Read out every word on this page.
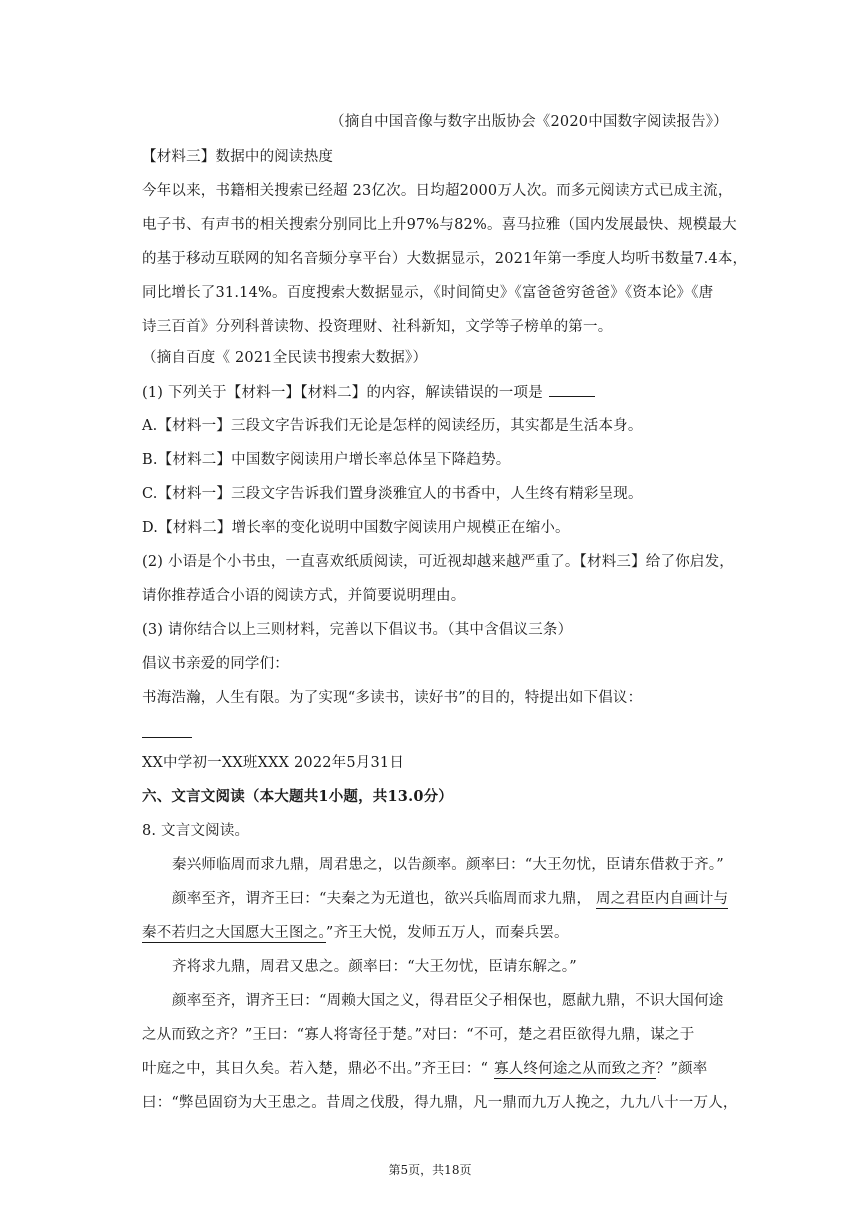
（摘自中国音像与数字出版协会《2020中国数字阅读报告》）
【材料三】数据中的阅读热度
今年以来，书籍相关搜索已经超 23亿次。日均超2000万人次。而多元阅读方式已成主流，
电子书、有声书的相关搜索分别同比上升97%与82%。喜马拉雅（国内发展最快、规模最大
的基于移动互联网的知名音频分享平台）大数据显示，2021年第一季度人均听书数量7.4本，
同比增长了31.14%。百度搜索大数据显示，《时间简史》《富爸爸穷爸爸》《资本论》《唐
诗三百首》分列科普读物、投资理财、社科新知，文学等子榜单的第一。
（摘自百度《 2021全民读书搜索大数据》）
(1) 下列关于【材料一】【材料二】的内容，解读错误的一项是
A.【材料一】三段文字告诉我们无论是怎样的阅读经历，其实都是生活本身。
B.【材料二】中国数字阅读用户增长率总体呈下降趋势。
C.【材料一】三段文字告诉我们置身淡雅宜人的书香中，人生终有精彩呈现。
D.【材料二】增长率的变化说明中国数字阅读用户规模正在缩小。
(2) 小语是个小书虫，一直喜欢纸质阅读，可近视却越来越严重了。【材料三】给了你启发，
请你推荐适合小语的阅读方式，并简要说明理由。
(3) 请你结合以上三则材料，完善以下倡议书。（其中含倡议三条）
倡议书亲爱的同学们：
书海浩瀚，人生有限。为了实现“多读书，读好书”的目的，特提出如下倡议：
XX中学初一XX班XXX 2022年5月31日
六、文言文阅读（本大题共1小题，共13.0分）
8. 文言文阅读。
秦兴师临周而求九鼎，周君患之，以告颜率。颜率曰：“大王勿忧，臣请东借救于齐。”
颜率至齐，谓齐王曰：“夫秦之为无道也，欲兴兵临周而求九鼎， 周之君臣内自画计与
秦不若归之大国愿大王图之。”齐王大悦，发师五万人，而秦兵罢。
齐将求九鼎，周君又患之。颜率曰：“大王勿忧，臣请东解之。”
颜率至齐，谓齐王曰：“周赖大国之义，得君臣父子相保也，愿献九鼎，不识大国何途
之从而致之齐？”王曰：“寡人将寄径于楚。”对曰：“不可，楚之君臣欲得九鼎，谋之于
叶庭之中，其日久矣。若入楚，鼎必不出。”齐王曰：“ 寡人终何途之从而致之齐？”颜率
曰：“弊邑固窃为大王患之。昔周之伐殷，得九鼎，凡一鼎而九万人挽之，九九八十一万人，
第5页，共18页
